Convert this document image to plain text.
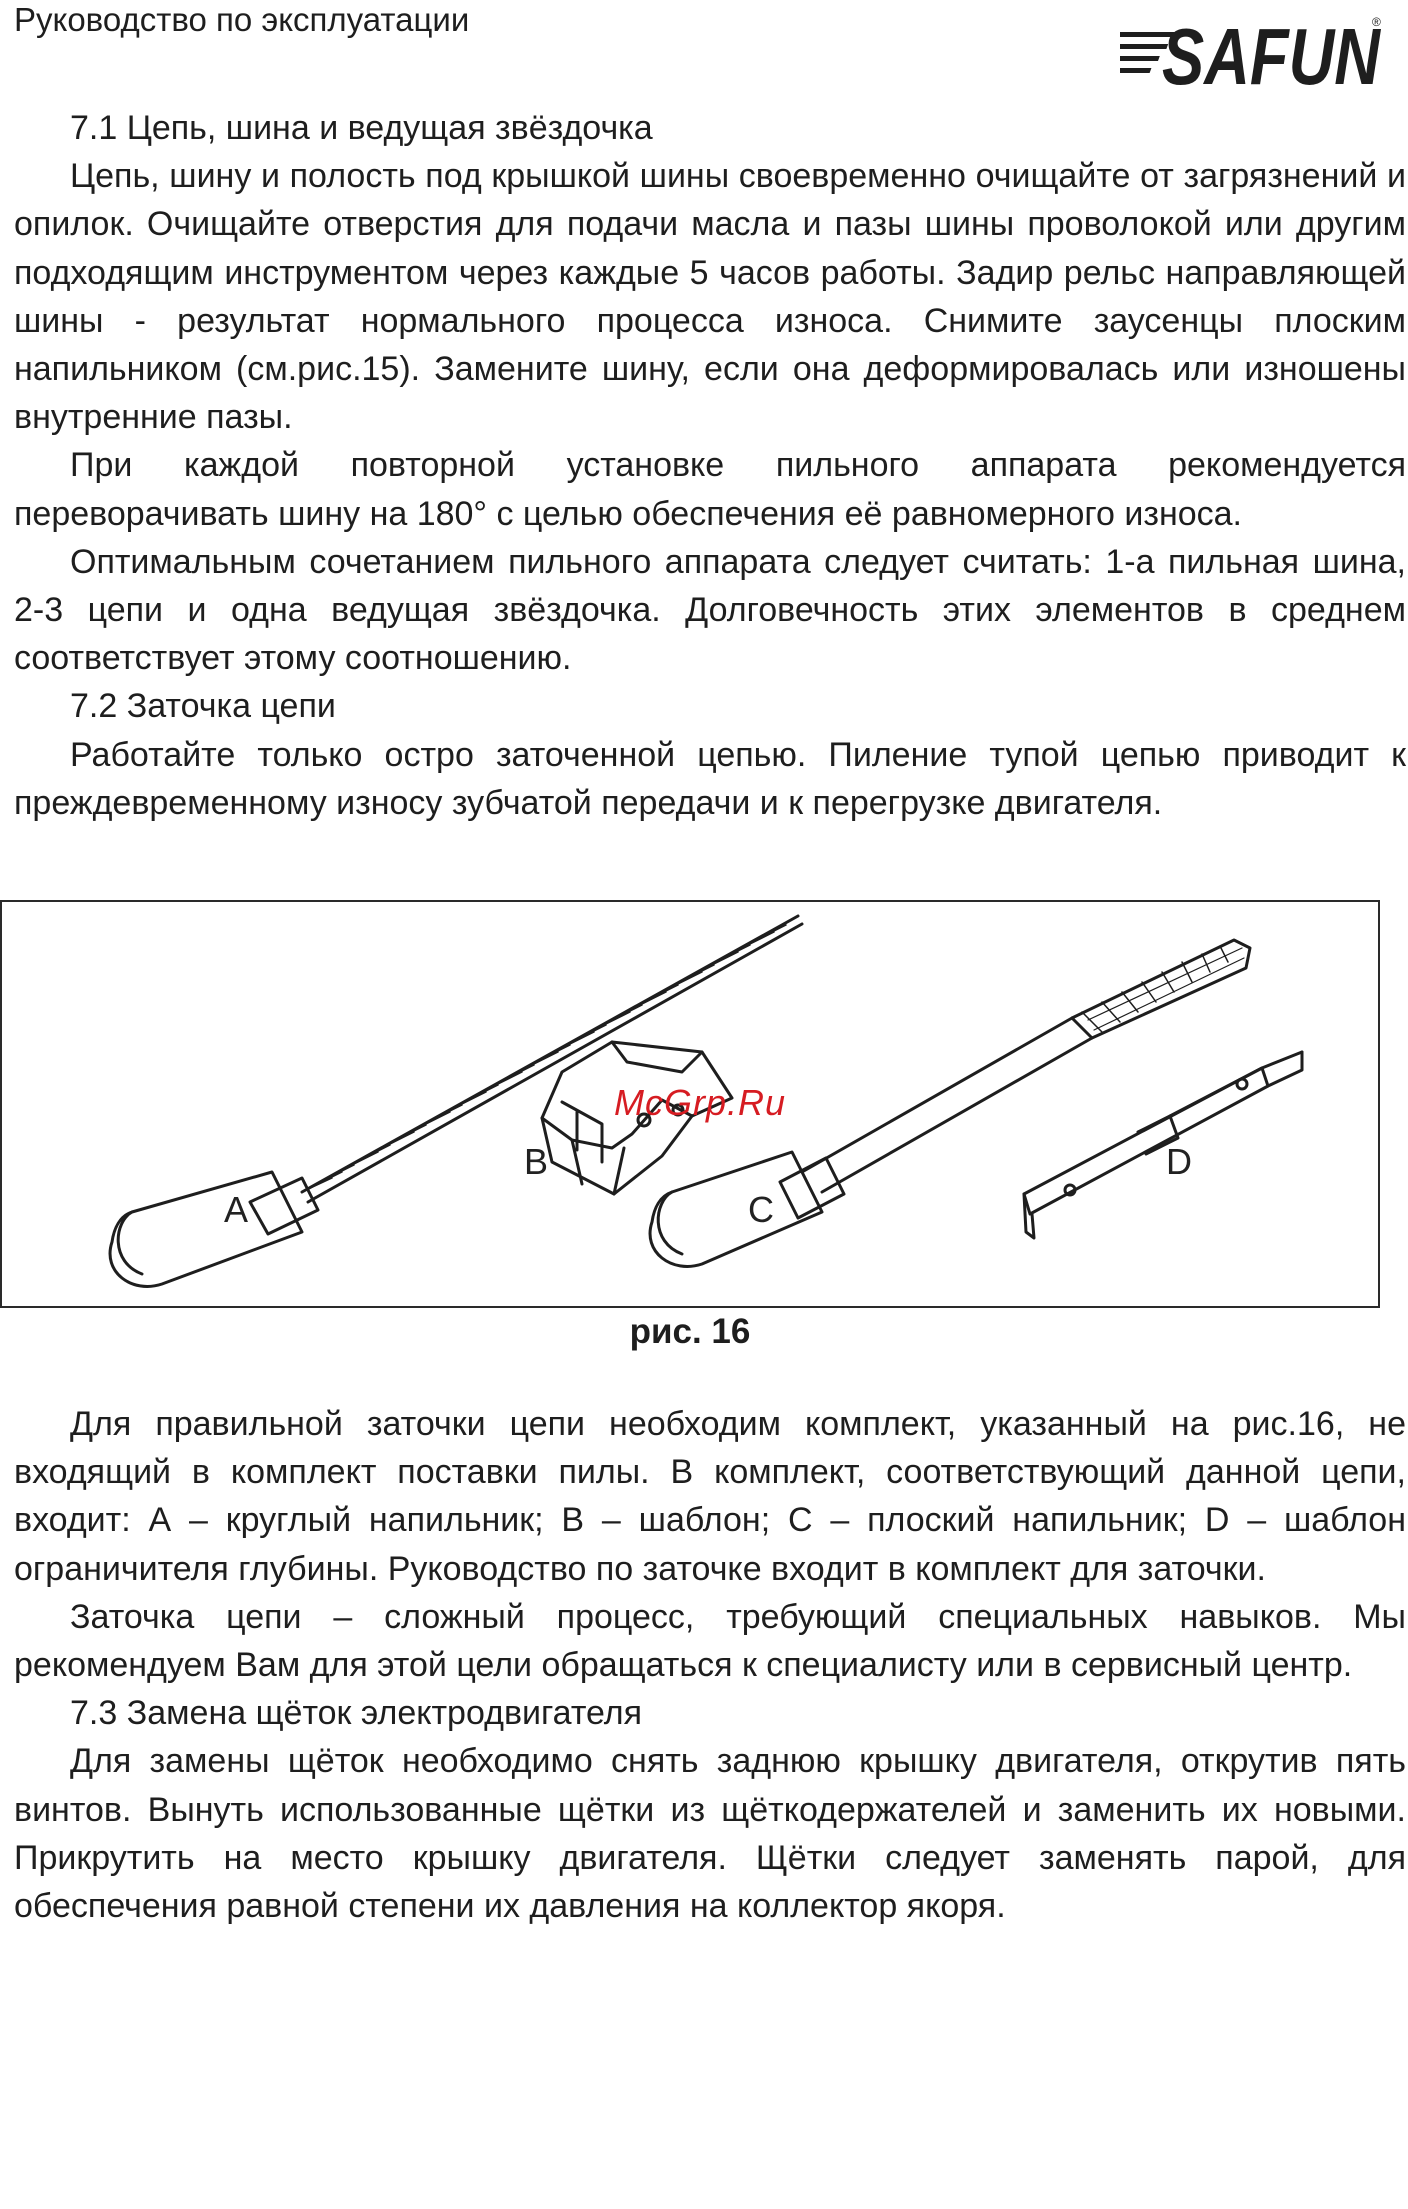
Руководство по эксплуатации	SAFUN
®

7.1 Цепь, шина и ведущая звёздочка

Цепь, шину и полость под крышкой шины своевременно очищайте от загрязнений и опилок. Очищайте отверстия для подачи масла и пазы шины проволокой или другим подходящим инструментом через каждые 5 часов работы. Задир рельс направляющей шины - результат нормального процесса износа. Снимите заусенцы плоским напильником (см.рис.15). Замените шину, если она деформировалась или изношены внутренние пазы.

При каждой повторной установке пильного аппарата рекомендуется переворачивать шину на 180° с целью обеспечения её равномерного износа.

Оптимальным сочетанием пильного аппарата следует считать: 1-а пильная шина, 2-3 цепи и одна ведущая звёздочка. Долговечность этих элементов в среднем соответствует этому соотношению.

7.2 Заточка цепи

Работайте только остро заточенной цепью. Пиление тупой цепью приводит к преждевременному износу зубчатой передачи и к перегрузке двигателя.

A
B
C
D
McGrp.Ru
рис. 16

Для правильной заточки цепи необходим комплект, указанный на рис.16, не входящий в комплект поставки пилы. В комплект, соответствующий данной цепи, входит: А – круглый напильник; В – шаблон; С – плоский напильник; D – шаблон ограничителя глубины. Руководство по заточке входит в комплект для заточки.

Заточка цепи – сложный процесс, требующий специальных навыков. Мы рекомендуем Вам для этой цели обращаться к специалисту или в сервисный центр.

7.3 Замена щёток электродвигателя

Для замены щёток необходимо снять заднюю крышку двигателя, открутив пять винтов. Вынуть использованные щётки из щёткодержателей и заменить их новыми. Прикрутить на место крышку двигателя. Щётки следует заменять парой, для обеспечения равной степени их давления на коллектор якоря.
